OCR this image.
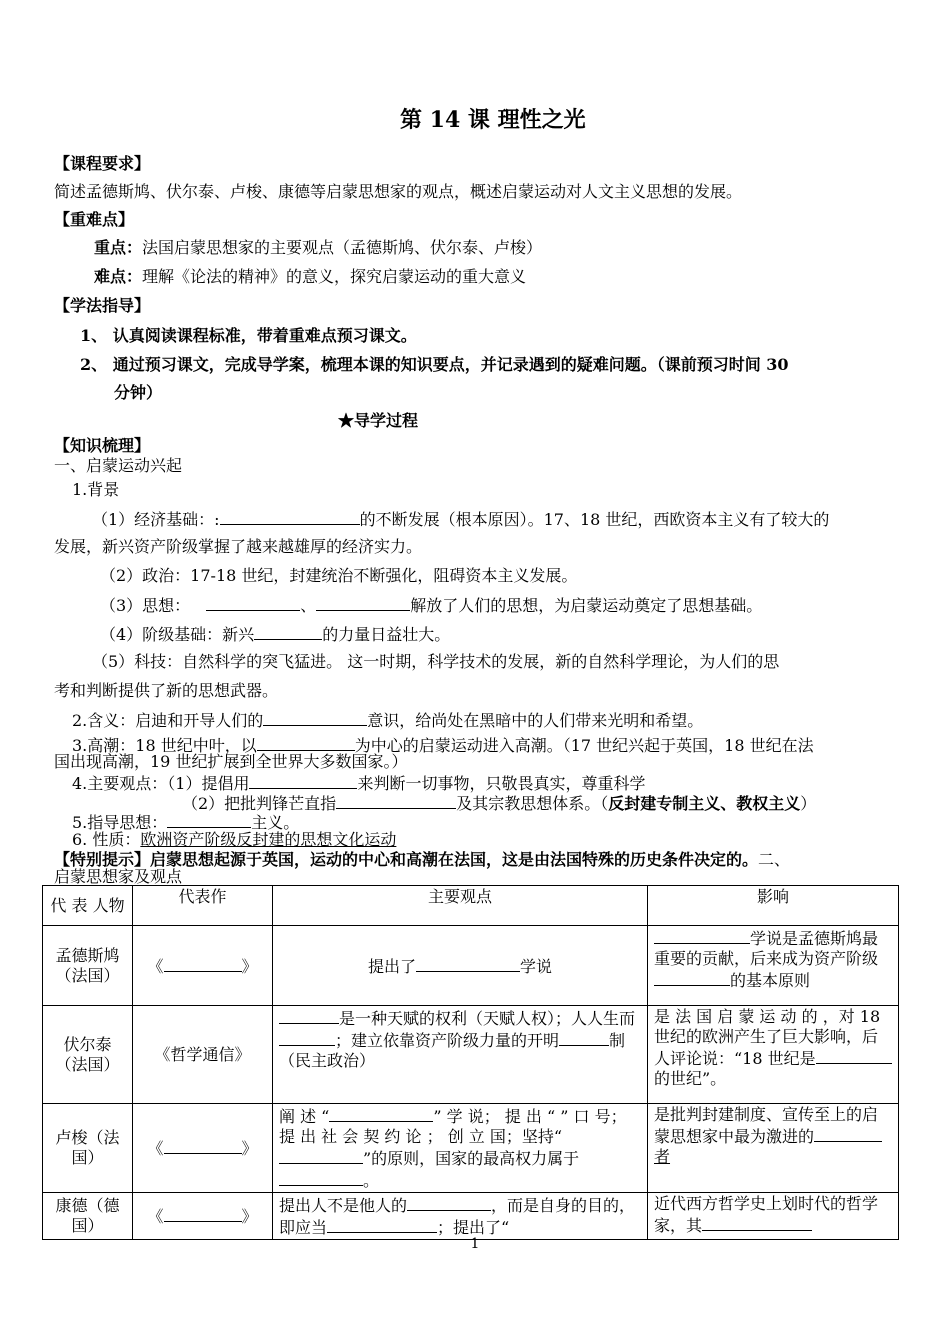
第 14 课 理性之光
【课程要求】
简述孟德斯鸠、伏尔泰、卢梭、康德等启蒙思想家的观点，概述启蒙运动对人文主义思想的发展。
【重难点】
重点：法国启蒙思想家的主要观点（孟德斯鸠、伏尔泰、卢梭）
难点：理解《论法的精神》的意义，探究启蒙运动的重大意义
【学法指导】
1、 认真阅读课程标准，带着重难点预习课文。
2、 通过预习课文，完成导学案，梳理本课的知识要点，并记录遇到的疑难问题。（课前预习时间 30
分钟）
★导学过程
【知识梳理】
一、启蒙运动兴起
1.背景
（1）经济基础：:	的不断发展（根本原因）。17、18 世纪，西欧资本主义有了较大的
发展，新兴资产阶级掌握了越来越雄厚的经济实力。
（2）政治：17-18 世纪，封建统治不断强化，阻碍资本主义发展。
（3）思想：	、	解放了人们的思想，为启蒙运动奠定了思想基础。
（4）阶级基础：新兴	的力量日益壮大。
（5）科技：自然科学的突飞猛进。 这一时期，科学技术的发展，新的自然科学理论，为人们的思
考和判断提供了新的思想武器。
2.含义：启迪和开导人们的	意识，给尚处在黑暗中的人们带来光明和希望。
3.高潮：18 世纪中叶，以	为中心的启蒙运动进入高潮。（17 世纪兴起于英国，18 世纪在法
国出现高潮，19 世纪扩展到全世界大多数国家。）
4.主要观点：（1）提倡用	来判断一切事物，只敬畏真实，尊重科学
（2）把批判锋芒直指	及其宗教思想体系。（反封建专制主义、教权主义）
5.指导思想：	主义。
6. 性质：欧洲资产阶级反封建的思想文化运动
【特别提示】启蒙思想起源于英国，运动的中心和高潮在法国，这是由法国特殊的历史条件决定的。二、
启蒙思想家及观点
代 表 人物	代表作	主要观点	影响
孟德斯鸠（法国）	《 》	提出了 学说	学说是孟德斯鸠最重要的贡献，后来成为资产阶级的基本原则
伏尔泰（法国）	《哲学通信》	是一种天赋的权利（天赋人权）；人人生而；建立依靠资产阶级力量的开明 制 （民主政治）	是 法 国 启 蒙 运 动 的 ，对 18 世纪的欧洲产生了巨大影响，后人评论说：“18 世纪是的世纪”。
卢梭（法国）	《 》	阐 述 “ ” 学 说； 提 出 “ ” 口 号； 提 出 社 会 契 约 论 ； 创 立 国；坚持“”的原则，国家的最高权力属于。	是批判封建制度、宣传至上的启蒙思想家中最为激进的者
康德（德国）	《 》	提出人不是他人的 ，而是自身的目的，即应当 ；提出了“	近代西方哲学史上划时代的哲学家，其
1
